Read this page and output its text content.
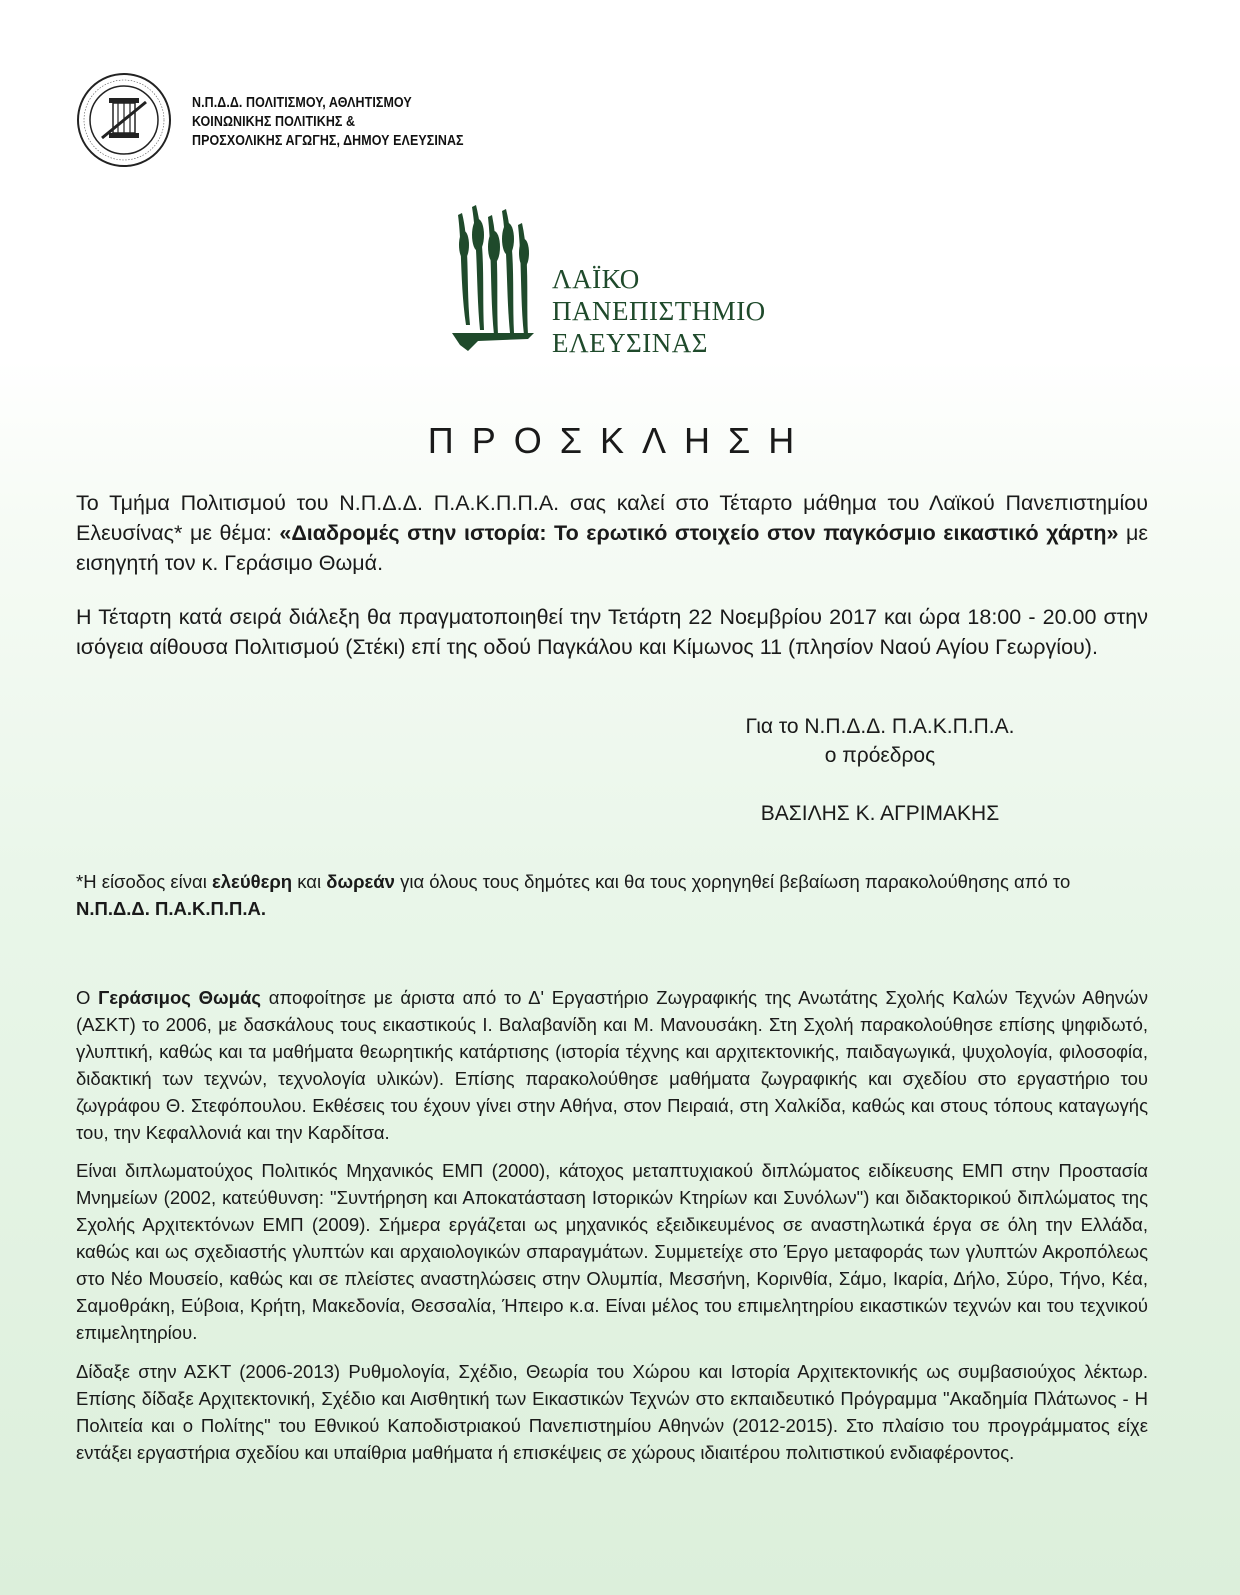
Ν.Π.Δ.Δ. ΠΟΛΙΤΙΣΜΟΥ, ΑΘΛΗΤΙΣΜΟΥ
ΚΟΙΝΩΝΙΚΗΣ ΠΟΛΙΤΙΚΗΣ &
ΠΡΟΣΧΟΛΙΚΗΣ ΑΓΩΓΗΣ, ΔΗΜΟΥ ΕΛΕΥΣΙΝΑΣ
ΛΑΪΚΟ
ΠΑΝΕΠΙΣΤΗΜΙΟ
ΕΛΕΥΣΙΝΑΣ
ΠΡΟΣΚΛΗΣΗ
Το Τμήμα Πολιτισμού του Ν.Π.Δ.Δ. Π.Α.Κ.Π.Π.Α. σας καλεί στο Τέταρτο μάθημα του Λαϊκού Πανεπιστημίου Ελευσίνας* με θέμα: «Διαδρομές στην ιστορία: Το ερωτικό στοιχείο στον παγκόσμιο εικαστικό χάρτη» με εισηγητή τον κ. Γεράσιμο Θωμά.
Η Τέταρτη κατά σειρά διάλεξη θα πραγματοποιηθεί την Τετάρτη 22 Νοεμβρίου 2017 και ώρα 18:00 - 20.00 στην ισόγεια αίθουσα Πολιτισμού (Στέκι) επί της οδού Παγκάλου και Κίμωνος 11 (πλησίον Ναού Αγίου Γεωργίου).
Για το Ν.Π.Δ.Δ. Π.Α.Κ.Π.Π.Α.
ο πρόεδρος
ΒΑΣΙΛΗΣ Κ. ΑΓΡΙΜΑΚΗΣ
*Η είσοδος είναι ελεύθερη και δωρεάν για όλους τους δημότες και θα τους χορηγηθεί βεβαίωση παρακολούθησης από το Ν.Π.Δ.Δ. Π.Α.Κ.Π.Π.Α.
Ο Γεράσιμος Θωμάς αποφοίτησε με άριστα από το Δ' Εργαστήριο Ζωγραφικής της Ανωτάτης Σχολής Καλών Τεχνών Αθηνών (ΑΣΚΤ) το 2006, με δασκάλους τους εικαστικούς Ι. Βαλαβανίδη και Μ. Μανουσάκη. Στη Σχολή παρακολούθησε επίσης ψηφιδωτό, γλυπτική, καθώς και τα μαθήματα θεωρητικής κατάρτισης (ιστορία τέχνης και αρχιτεκτονικής, παιδαγωγικά, ψυχολογία, φιλοσοφία, διδακτική των τεχνών, τεχνολογία υλικών). Επίσης παρακολούθησε μαθήματα ζωγραφικής και σχεδίου στο εργαστήριο του ζωγράφου Θ. Στεφόπουλου. Εκθέσεις του έχουν γίνει στην Αθήνα, στον Πειραιά, στη Χαλκίδα, καθώς και στους τόπους καταγωγής του, την Κεφαλλονιά και την Καρδίτσα.
Είναι διπλωματούχος Πολιτικός Μηχανικός ΕΜΠ (2000), κάτοχος μεταπτυχιακού διπλώματος ειδίκευσης ΕΜΠ στην Προστασία Μνημείων (2002, κατεύθυνση: "Συντήρηση και Αποκατάσταση Ιστορικών Κτηρίων και Συνόλων") και διδακτορικού διπλώματος της Σχολής Αρχιτεκτόνων ΕΜΠ (2009). Σήμερα εργάζεται ως μηχανικός εξειδικευμένος σε αναστηλωτικά έργα σε όλη την Ελλάδα, καθώς και ως σχεδιαστής γλυπτών και αρχαιολογικών σπαραγμάτων. Συμμετείχε στο Έργο μεταφοράς των γλυπτών Ακροπόλεως στο Νέο Μουσείο, καθώς και σε πλείστες αναστηλώσεις στην Ολυμπία, Μεσσήνη, Κορινθία, Σάμο, Ικαρία, Δήλο, Σύρο, Τήνο, Κέα, Σαμοθράκη, Εύβοια, Κρήτη, Μακεδονία, Θεσσαλία, Ήπειρο κ.α. Είναι μέλος του επιμελητηρίου εικαστικών τεχνών και του τεχνικού επιμελητηρίου.
Δίδαξε στην ΑΣΚΤ (2006-2013) Ρυθμολογία, Σχέδιο, Θεωρία του Χώρου και Ιστορία Αρχιτεκτονικής ως συμβασιούχος λέκτωρ. Επίσης δίδαξε Αρχιτεκτονική, Σχέδιο και Αισθητική των Εικαστικών Τεχνών στο εκπαιδευτικό Πρόγραμμα "Ακαδημία Πλάτωνος - Η Πολιτεία και ο Πολίτης" του Εθνικού Καποδιστριακού Πανεπιστημίου Αθηνών (2012-2015). Στο πλαίσιο του προγράμματος είχε εντάξει εργαστήρια σχεδίου και υπαίθρια μαθήματα ή επισκέψεις σε χώρους ιδιαιτέρου πολιτιστικού ενδιαφέροντος.
